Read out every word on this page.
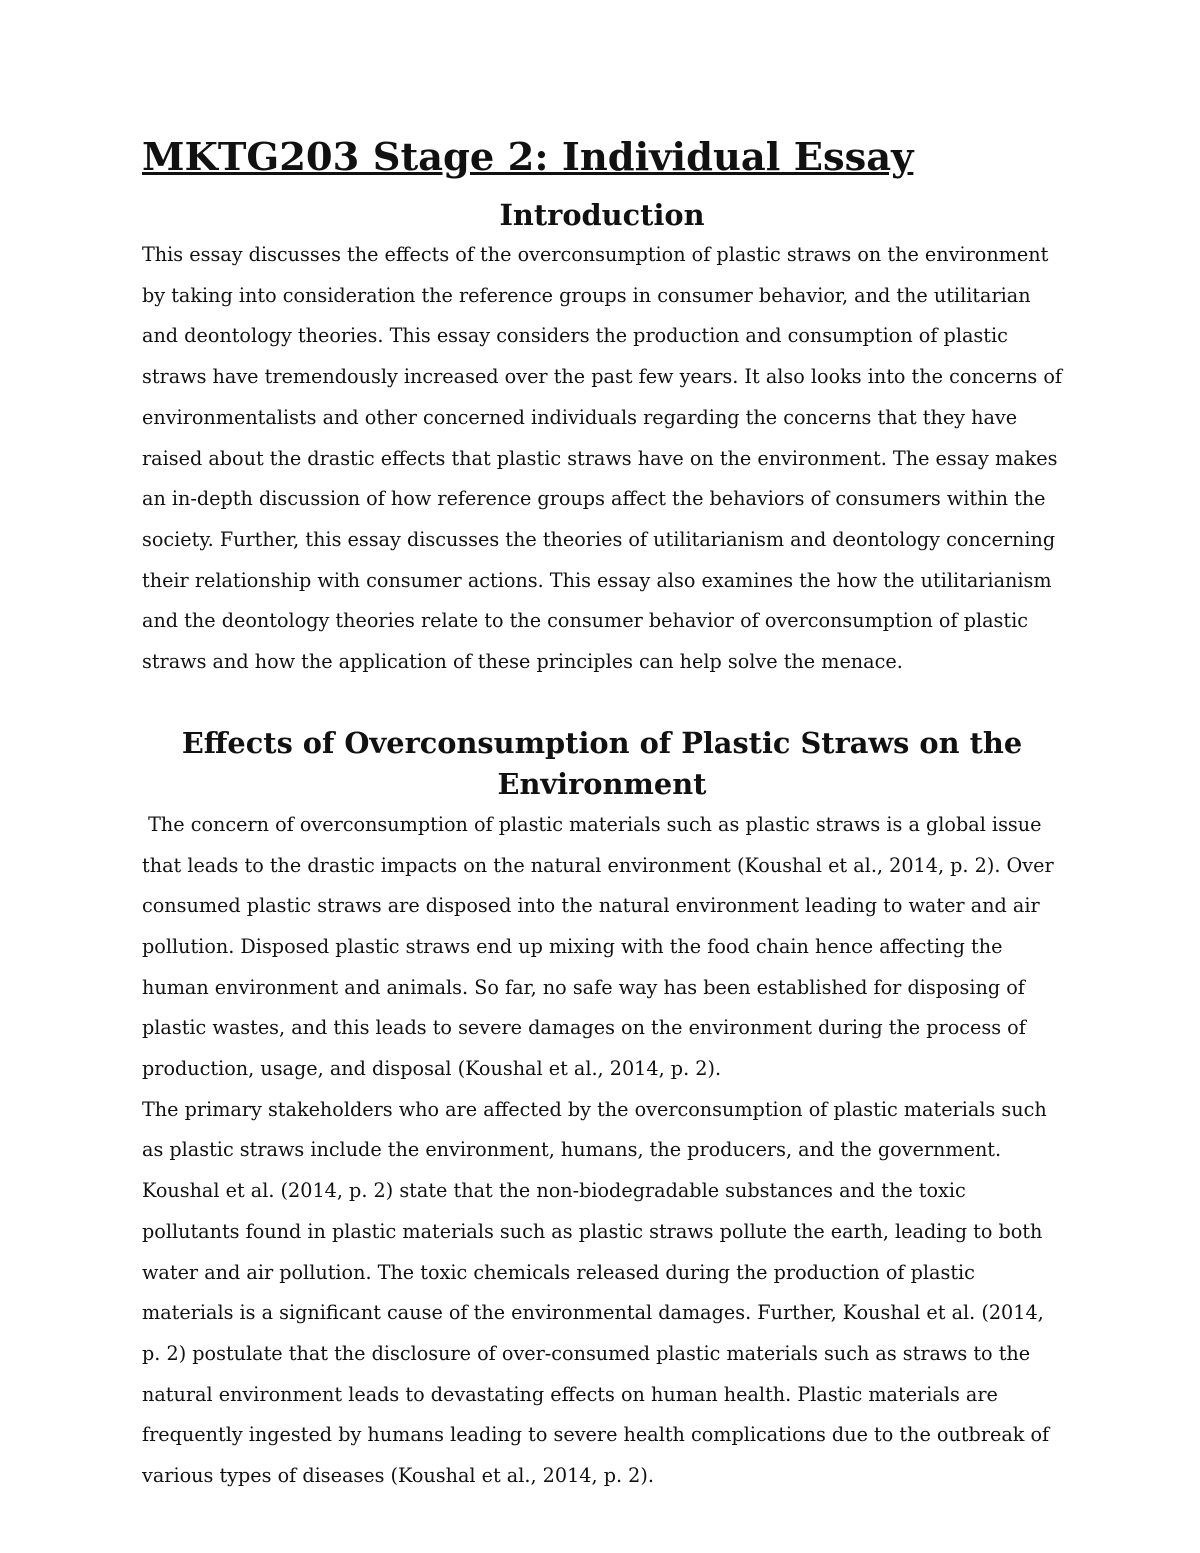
MKTG203 Stage 2: Individual Essay
Introduction

This essay discusses the effects of the overconsumption of plastic straws on the environment by taking into consideration the reference groups in consumer behavior, and the utilitarian and deontology theories. This essay considers the production and consumption of plastic straws have tremendously increased over the past few years. It also looks into the concerns of environmentalists and other concerned individuals regarding the concerns that they have raised about the drastic effects that plastic straws have on the environment. The essay makes an in-depth discussion of how reference groups affect the behaviors of consumers within the society. Further, this essay discusses the theories of utilitarianism and deontology concerning their relationship with consumer actions. This essay also examines the how the utilitarianism and the deontology theories relate to the consumer behavior of overconsumption of plastic straws and how the application of these principles can help solve the menace.

Effects of Overconsumption of Plastic Straws on the Environment

The concern of overconsumption of plastic materials such as plastic straws is a global issue that leads to the drastic impacts on the natural environment (Koushal et al., 2014, p. 2). Over consumed plastic straws are disposed into the natural environment leading to water and air pollution. Disposed plastic straws end up mixing with the food chain hence affecting the human environment and animals. So far, no safe way has been established for disposing of plastic wastes, and this leads to severe damages on the environment during the process of production, usage, and disposal (Koushal et al., 2014, p. 2).

The primary stakeholders who are affected by the overconsumption of plastic materials such as plastic straws include the environment, humans, the producers, and the government. Koushal et al. (2014, p. 2) state that the non-biodegradable substances and the toxic pollutants found in plastic materials such as plastic straws pollute the earth, leading to both water and air pollution. The toxic chemicals released during the production of plastic materials is a significant cause of the environmental damages. Further, Koushal et al. (2014, p. 2) postulate that the disclosure of over-consumed plastic materials such as straws to the natural environment leads to devastating effects on human health. Plastic materials are frequently ingested by humans leading to severe health complications due to the outbreak of various types of diseases (Koushal et al., 2014, p. 2).
